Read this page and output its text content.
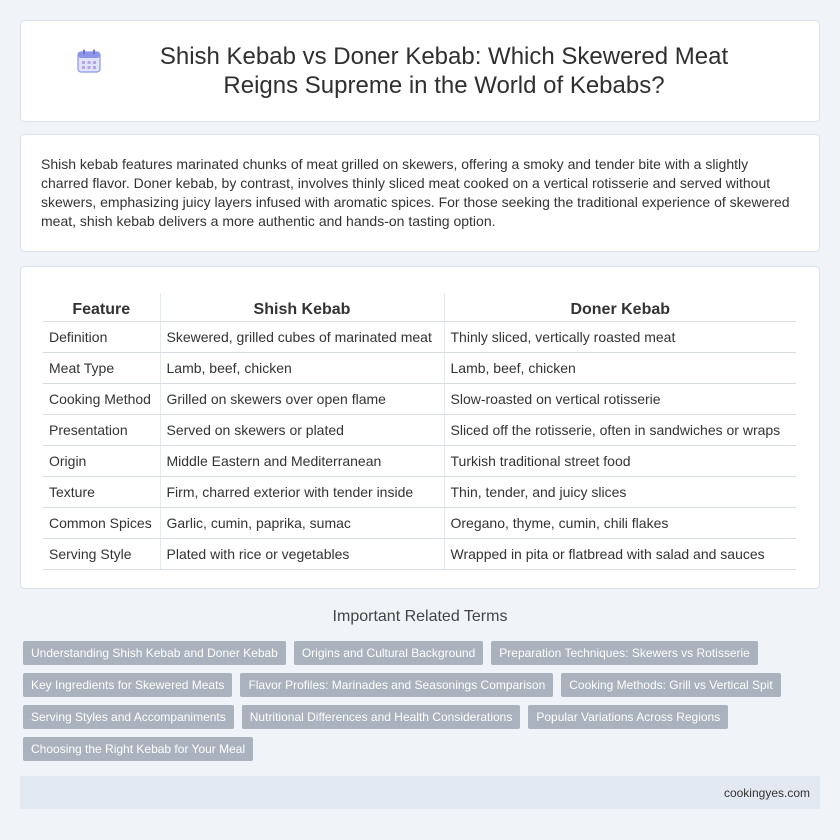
Shish Kebab vs Doner Kebab: Which Skewered Meat Reigns Supreme in the World of Kebabs?

Shish kebab features marinated chunks of meat grilled on skewers, offering a smoky and tender bite with a slightly charred flavor. Doner kebab, by contrast, involves thinly sliced meat cooked on a vertical rotisserie and served without skewers, emphasizing juicy layers infused with aromatic spices. For those seeking the traditional experience of skewered meat, shish kebab delivers a more authentic and hands-on tasting option.

Feature	Shish Kebab	Doner Kebab
Definition	Skewered, grilled cubes of marinated meat	Thinly sliced, vertically roasted meat
Meat Type	Lamb, beef, chicken	Lamb, beef, chicken
Cooking Method	Grilled on skewers over open flame	Slow-roasted on vertical rotisserie
Presentation	Served on skewers or plated	Sliced off the rotisserie, often in sandwiches or wraps
Origin	Middle Eastern and Mediterranean	Turkish traditional street food
Texture	Firm, charred exterior with tender inside	Thin, tender, and juicy slices
Common Spices	Garlic, cumin, paprika, sumac	Oregano, thyme, cumin, chili flakes
Serving Style	Plated with rice or vegetables	Wrapped in pita or flatbread with salad and sauces
Important Related Terms
Understanding Shish Kebab and Doner Kebab	Origins and Cultural Background	Preparation Techniques: Skewers vs Rotisserie
Key Ingredients for Skewered Meats	Flavor Profiles: Marinades and Seasonings Comparison	Cooking Methods: Grill vs Vertical Spit
Serving Styles and Accompaniments	Nutritional Differences and Health Considerations	Popular Variations Across Regions
Choosing the Right Kebab for Your Meal
cookingyes.com
